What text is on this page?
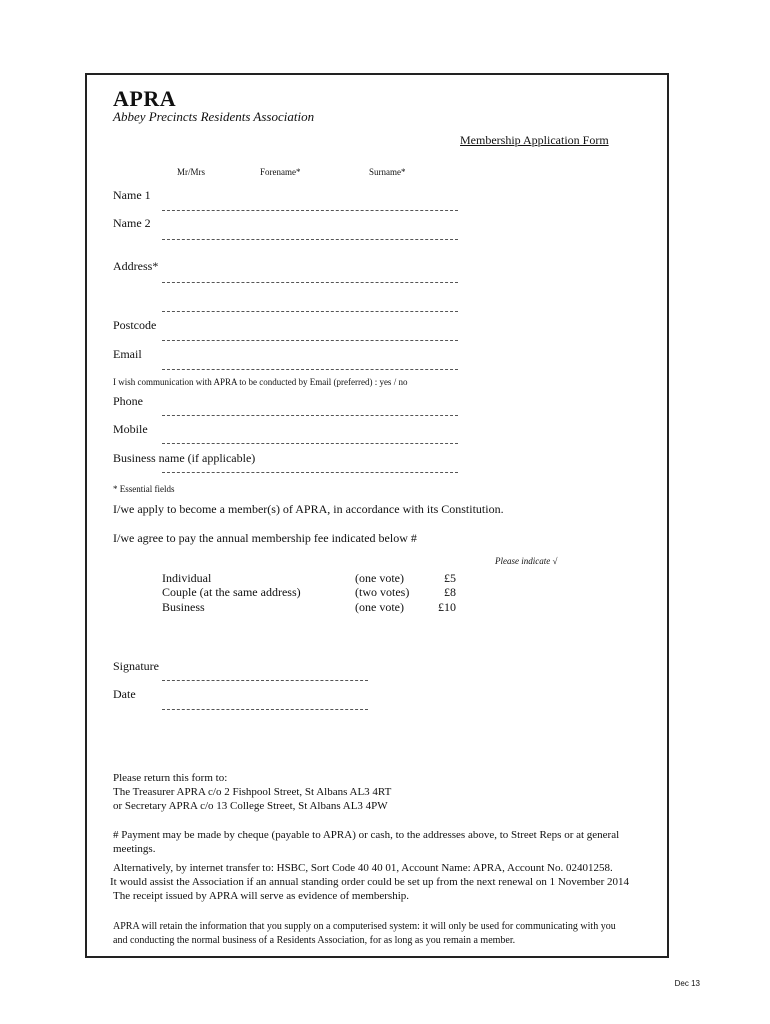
APRA
Abbey Precincts Residents Association
Membership Application Form
Mr/Mrs	Forename*	Surname*
Name 1
Name 2
Address*
Postcode
Email
I wish communication with APRA to be conducted by Email (preferred) : yes / no
Phone
Mobile
Business name (if applicable)
* Essential fields
I/we apply to become a member(s) of APRA, in accordance with its Constitution.
I/we agree to pay the annual membership fee indicated below #
Please indicate √
Individual	(one vote)	£5
Couple (at the same address)	(two votes)	£8
Business	(one vote)	£10
Signature
Date
Please return this form to:
The Treasurer APRA c/o 2 Fishpool Street, St Albans AL3 4RT
or Secretary APRA c/o 13 College Street, St Albans AL3 4PW
# Payment may be made by cheque (payable to APRA) or cash, to the addresses above, to Street Reps or at general
meetings.
Alternatively, by internet transfer to: HSBC, Sort Code 40 40 01, Account Name: APRA, Account No. 02401258.
It would assist the Association if an annual standing order could be set up from the next renewal on 1 November 2014
The receipt issued by APRA will serve as evidence of membership.
APRA will retain the information that you supply on a computerised system: it will only be used for communicating with you
and conducting the normal business of a Residents Association, for as long as you remain a member.
Dec 13
